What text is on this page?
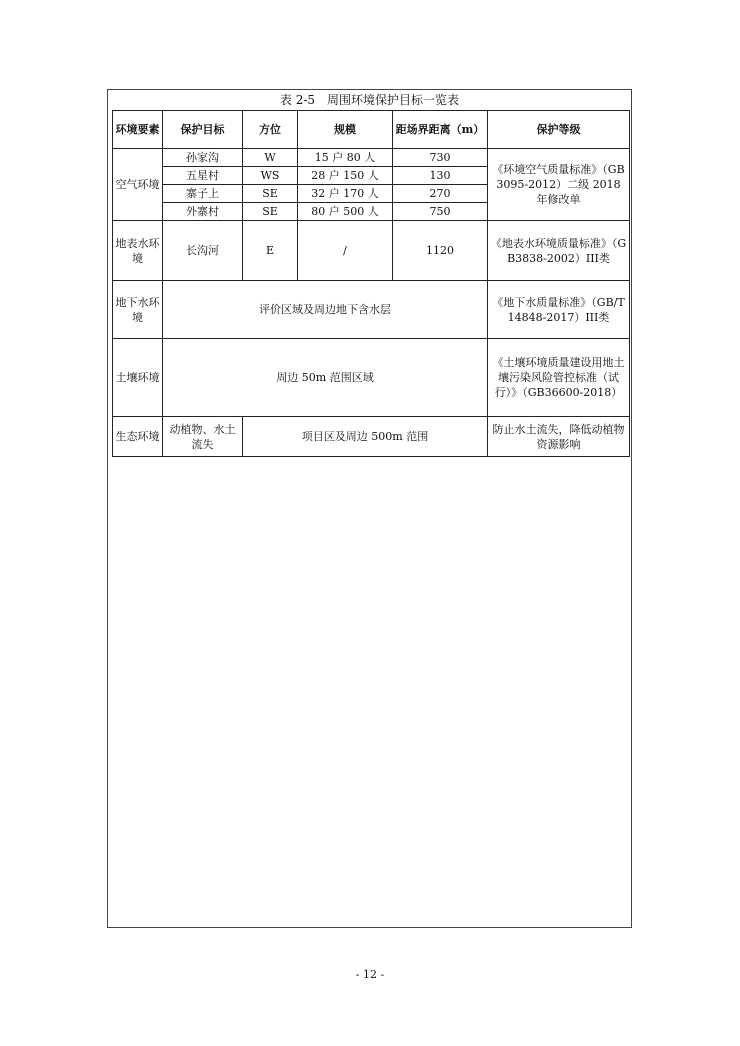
表 2-5　周围环境保护目标一览表
环境要素	保护目标	方位	规模	距场界距离（m）	保护等级
空气环境	孙家沟	W	15 户 80 人	730	《环境空气质量标准》（GB3095-2012）二级 2018 年修改单
	五星村	WS	28 户 150 人	130	
	寨子上	SE	32 户 170 人	270	
	外寨村	SE	80 户 500 人	750	
地表水环境	长沟河	E	/	1120	《地表水环境质量标准》（GB3838-2002）III类
地下水环境	评价区域及周边地下含水层				《地下水质量标准》（GB/T14848-2017）III类
土壤环境	周边 50m 范围区域				《土壤环境质量建设用地土壤污染风险管控标准（试行）》（GB36600-2018）
生态环境	动植物、水土流失	项目区及周边 500m 范围			防止水土流失，降低动植物资源影响
- 12 -
